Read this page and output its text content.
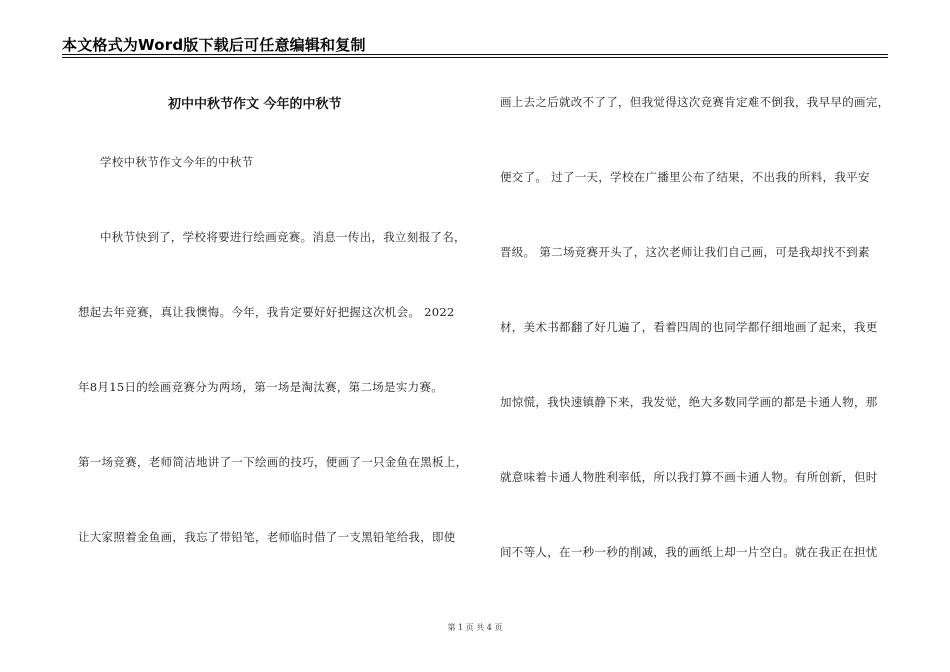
本文格式为Word版下载后可任意编辑和复制
初中中秋节作文 今年的中秋节
学校中秋节作文今年的中秋节
中秋节快到了，学校将要进行绘画竞赛。消息一传出，我立刻报了名，
想起去年竞赛，真让我懊悔。今年，我肯定要好好把握这次机会。 2022
年8月15日的绘画竞赛分为两场，第一场是淘汰赛，第二场是实力赛。
第一场竞赛，老师简洁地讲了一下绘画的技巧，便画了一只金鱼在黑板上，
让大家照着金鱼画，我忘了带铅笔，老师临时借了一支黑铅笔给我，即使
画上去之后就改不了了，但我觉得这次竞赛肯定难不倒我，我早早的画完，
便交了。 过了一天，学校在广播里公布了结果，不出我的所料，我平安
晋级。 第二场竞赛开头了，这次老师让我们自己画，可是我却找不到素
材，美术书都翻了好几遍了，看着四周的也同学都仔细地画了起来，我更
加惊慌，我快速镇静下来，我发觉，绝大多数同学画的都是卡通人物，那
就意味着卡通人物胜利率低，所以我打算不画卡通人物。有所创新，但时
间不等人，在一秒一秒的削减，我的画纸上却一片空白。就在我正在担忧
第 1 页 共 4 页
